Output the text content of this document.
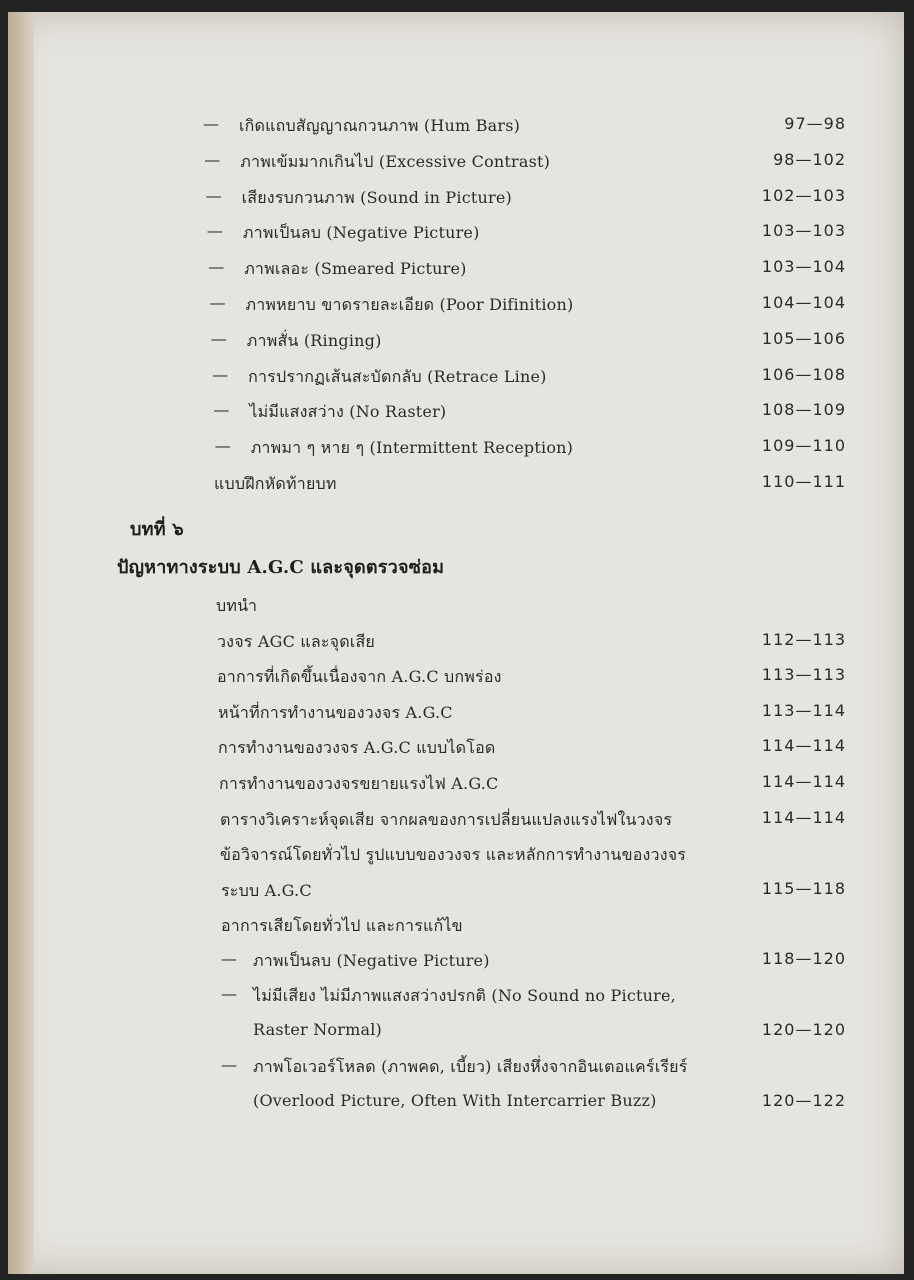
— เกิดแถบสัญญาณกวนภาพ (Hum Bars)	97—98
— ภาพเข้มมากเกินไป (Excessive Contrast)	98—102
— เสียงรบกวนภาพ (Sound in Picture)	102—103
— ภาพเป็นลบ (Negative Picture)	103—103
— ภาพเลอะ (Smeared Picture)	103—104
— ภาพหยาบ ขาดรายละเอียด (Poor Difinition)	104—104
— ภาพสั่น (Ringing)	105—106
— การปรากฏเส้นสะบัดกลับ (Retrace Line)	106—108
— ไม่มีแสงสว่าง (No Raster)	108—109
— ภาพมา ๆ หาย ๆ (Intermittent Reception)	109—110
แบบฝึกหัดท้ายบท	110—111
บทที่ ๖
ปัญหาทางระบบ A.G.C และจุดตรวจซ่อม
บทนำ
วงจร AGC และจุดเสีย	112—113
อาการที่เกิดขึ้นเนื่องจาก A.G.C บกพร่อง	113—113
หน้าที่การทำงานของวงจร A.G.C	113—114
การทำงานของวงจร A.G.C แบบไดโอด	114—114
การทำงานของวงจรขยายแรงไฟ A.G.C	114—114
ตารางวิเคราะห์จุดเสีย จากผลของการเปลี่ยนแปลงแรงไฟในวงจร	114—114
ข้อวิจารณ์โดยทั่วไป รูปแบบของวงจร และหลักการทำงานของวงจร
ระบบ A.G.C	115—118
อาการเสียโดยทั่วไป และการแก้ไข
— ภาพเป็นลบ (Negative Picture)	118—120
— ไม่มีเสียง ไม่มีภาพแสงสว่างปรกติ (No Sound no Picture,
Raster Normal)	120—120
— ภาพโอเวอร์โหลด (ภาพคด, เบี้ยว) เสียงหึ่งจากอินเตอแคร์เรียร์
(Overlood Picture, Often With Intercarrier Buzz)	120—122
